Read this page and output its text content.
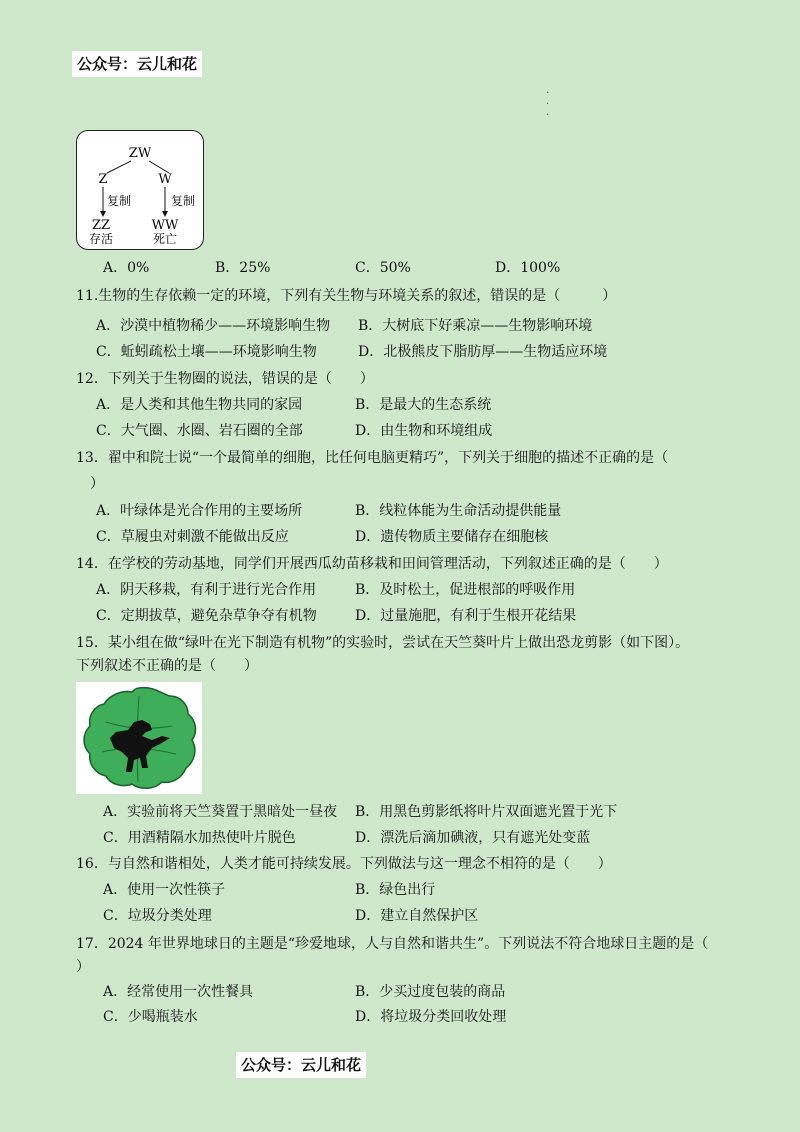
公众号：云儿和花
·
·
·
ZW
Z	W
复制	复制
ZZ	WW
存活	死亡
A．0%	B．25%	C．50%	D．100%
11.生物的生存依赖一定的环境，下列有关生物与环境关系的叙述，错误的是（　　　）
A．沙漠中植物稀少——环境影响生物 B．大树底下好乘凉——生物影响环境
C．蚯蚓疏松土壤——环境影响生物	D．北极熊皮下脂肪厚——生物适应环境
12．下列关于生物圈的说法，错误的是（　　）
A．是人类和其他生物共同的家园	B．是最大的生态系统
C．大气圈、水圈、岩石圈的全部	D．由生物和环境组成
13．翟中和院士说“一个最简单的细胞，比任何电脑更精巧”，下列关于细胞的描述不正确的是（
）
A．叶绿体是光合作用的主要场所	B．线粒体能为生命活动提供能量
C．草履虫对刺激不能做出反应	D．遗传物质主要储存在细胞核
14．在学校的劳动基地，同学们开展西瓜幼苗移栽和田间管理活动，下列叙述正确的是（　　）
A．阴天移栽，有利于进行光合作用	B．及时松土，促进根部的呼吸作用
C．定期拔草，避免杂草争夺有机物	D．过量施肥，有利于生根开花结果
15．某小组在做“绿叶在光下制造有机物”的实验时，尝试在天竺葵叶片上做出恐龙剪影（如下图）。
下列叙述不正确的是（　　）
A．实验前将天竺葵置于黑暗处一昼夜 B．用黑色剪影纸将叶片双面遮光置于光下
C．用酒精隔水加热使叶片脱色	D．漂洗后滴加碘液，只有遮光处变蓝
16．与自然和谐相处，人类才能可持续发展。下列做法与这一理念不相符的是（　　）
A．使用一次性筷子	B．绿色出行
C．垃圾分类处理	D．建立自然保护区
17．2024 年世界地球日的主题是“珍爱地球，人与自然和谐共生”。下列说法不符合地球日主题的是（
）
A．经常使用一次性餐具	B．少买过度包装的商品
C．少喝瓶装水	D．将垃圾分类回收处理
公众号：云儿和花
